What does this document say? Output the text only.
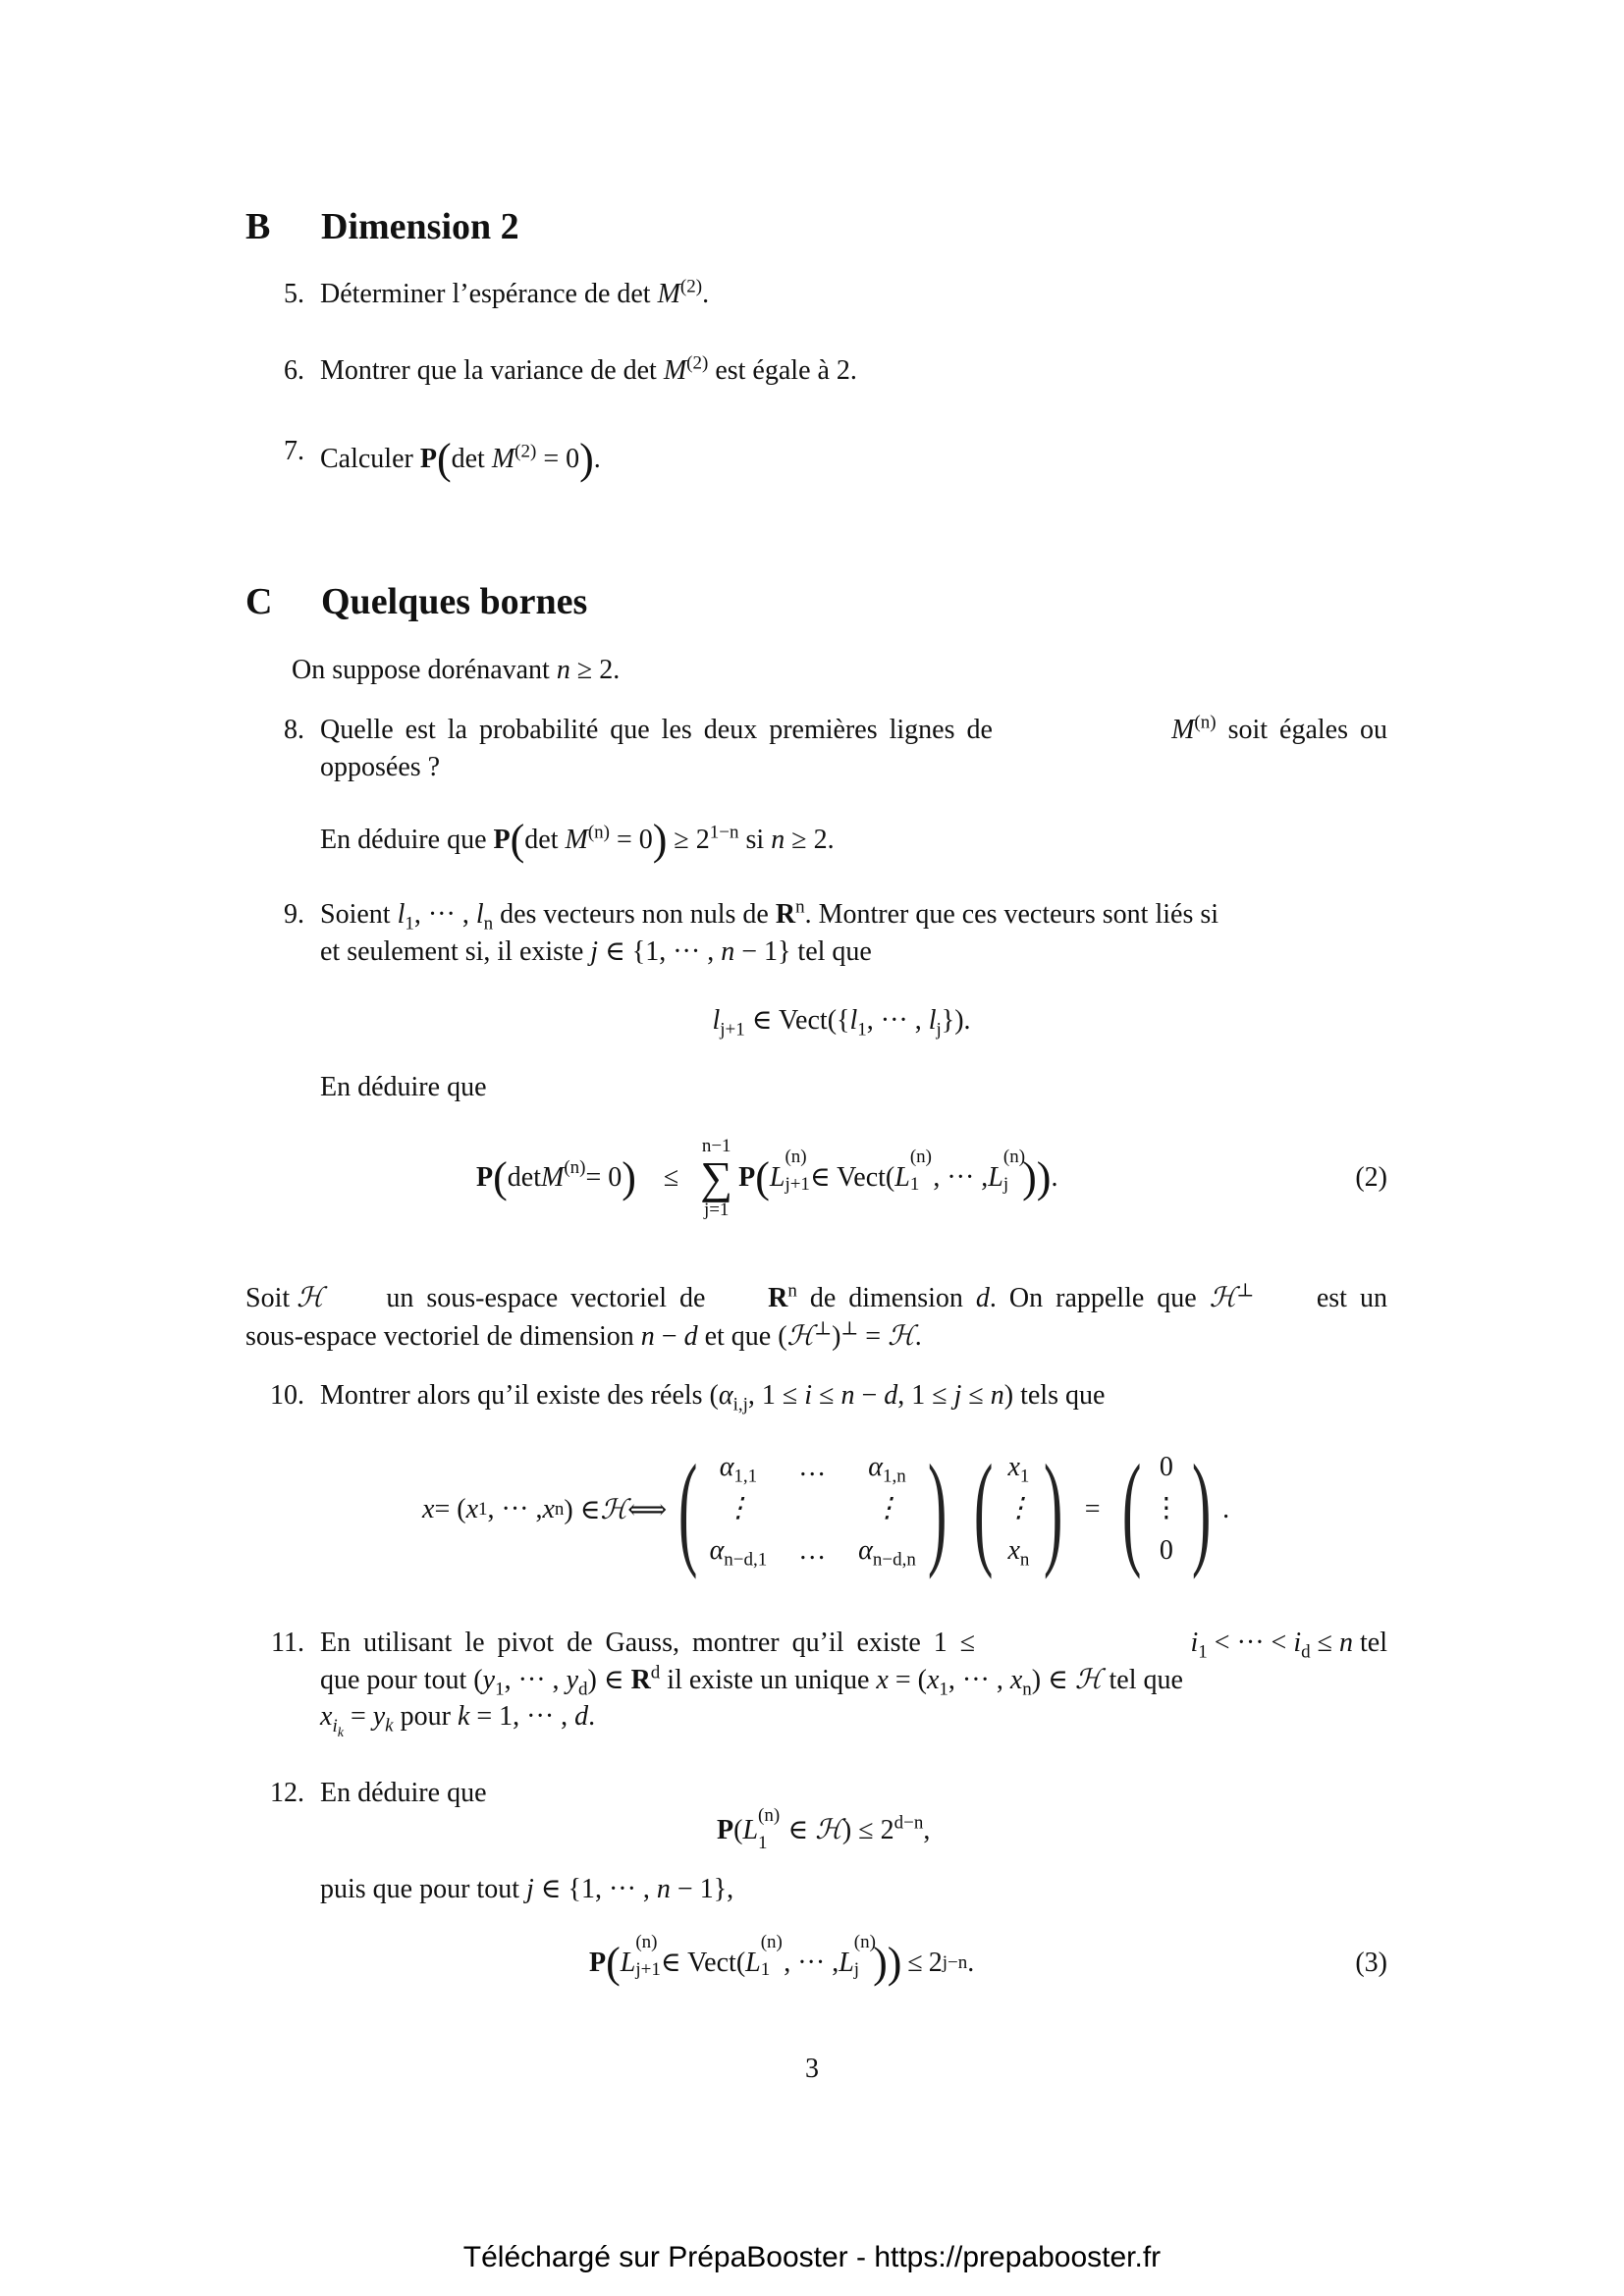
B Dimension 2
5. Déterminer l’espérance de $\det M^{(2)}$.
6. Montrer que la variance de $\det M^{(2)}$ est égale à 2.
7. Calculer P(det $M^{(2)} = 0$).
C Quelques bornes
On suppose dorénavant n ≥ 2.
8. Quelle est la probabilité que les deux premières lignes de	$M^{(n)}$ soit égales ou
opposées ?
En déduire que P(det $M^{(n)} = 0) \ge 2^{1-n}$ si n ≥ 2.
9. Soient $l_1$, ··· , $l_n$ des vecteurs non nuls de $R^n$. Montrer que ces vecteurs sont liés si
et seulement si, il existe j ∈ {1, ··· , n − 1} tel que
$l_{j+1}$ ∈ $Vect(\{l_1$, ··· , $l_j$}).
En déduire que
P ( $\det M^{(n)} = 0$ ) ≤
n−1
∑
j=1
P ( L
(n)
j+1 ∈ Vect( L
(n)
1 , ··· , L
(n)
j )) .	(2)
Soit ℋ un sous-espace vectoriel de $R^n$ de dimension d. On rappelle que ℋ⊥ est un
sous-espace vectoriel de dimension n − d et que (ℋ⊥)⊥ = ℋ.
10. Montrer alors qu’il existe des réels ($\alpha_{i,j}$, 1 ≤ i ≤ n − d, 1 ≤ j ≤ n) tels que
x = ( x 1 , ··· , x n ) ∈ ℋ ⟺ ( $\alpha_{1,1}$	…	$\alpha_{1,n}$
⋮	⋮
$\alpha_{n-d,1}$ … $\alpha_{n-d,n}$ ) ( $x_1$
⋮
$x_n$ ) = ( 0
⋮
0 ) .
11. En utilisant le pivot de Gauss, montrer qu’il existe 1 ≤	$i_1$ < ··· < $i_d \le n$ tel
que pour tout ($y_1$, ··· , $y_d$) ∈ $R^d$ il existe un unique $x = (x_1$, ··· , $x_n$) ∈ ℋ tel que
$x_{i_k} = y_k$ pour k = 1, ··· , d.
12. En déduire que
P(L (n)
1 ∈ ℋ) ≤ $2^{d-n}$,
puis que pour tout j ∈ {1, ··· , n − 1},
P ( L
(n)
j+1 ∈ Vect( L
(n)
1 , ··· , L
(n)
j )) ≤ 2 j−n .	(3)
3
Téléchargé sur PrépaBooster - https://prepabooster.fr
